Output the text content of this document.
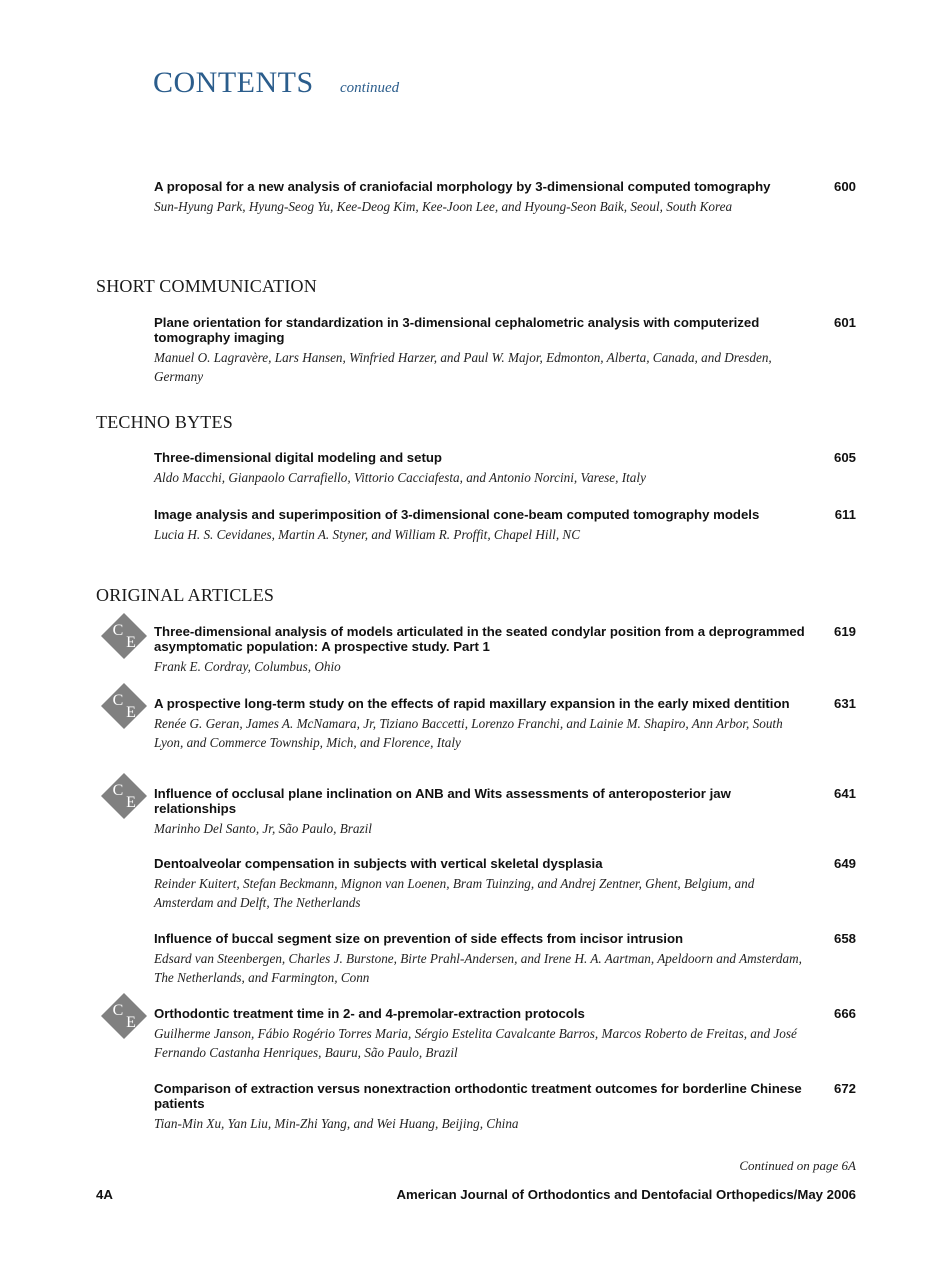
CONTENTS continued
A proposal for a new analysis of craniofacial morphology by 3-dimensional computed tomography
Sun-Hyung Park, Hyung-Seog Yu, Kee-Deog Kim, Kee-Joon Lee, and Hyoung-Seon Baik, Seoul, South Korea
600
SHORT COMMUNICATION
Plane orientation for standardization in 3-dimensional cephalometric analysis with computerized tomography imaging
Manuel O. Lagravère, Lars Hansen, Winfried Harzer, and Paul W. Major, Edmonton, Alberta, Canada, and Dresden, Germany
601
TECHNO BYTES
Three-dimensional digital modeling and setup
Aldo Macchi, Gianpaolo Carrafiello, Vittorio Cacciafesta, and Antonio Norcini, Varese, Italy
605
Image analysis and superimposition of 3-dimensional cone-beam computed tomography models
Lucia H. S. Cevidanes, Martin A. Styner, and William R. Proffit, Chapel Hill, NC
611
ORIGINAL ARTICLES
C
E
Three-dimensional analysis of models articulated in the seated condylar position from a deprogrammed asymptomatic population: A prospective study. Part 1
Frank E. Cordray, Columbus, Ohio
619
C
E
A prospective long-term study on the effects of rapid maxillary expansion in the early mixed dentition
Renée G. Geran, James A. McNamara, Jr, Tiziano Baccetti, Lorenzo Franchi, and Lainie M. Shapiro, Ann Arbor, South Lyon, and Commerce Township, Mich, and Florence, Italy
631
C
E
Influence of occlusal plane inclination on ANB and Wits assessments of anteroposterior jaw relationships
Marinho Del Santo, Jr, São Paulo, Brazil
641
Dentoalveolar compensation in subjects with vertical skeletal dysplasia
Reinder Kuitert, Stefan Beckmann, Mignon van Loenen, Bram Tuinzing, and Andrej Zentner, Ghent, Belgium, and Amsterdam and Delft, The Netherlands
649
Influence of buccal segment size on prevention of side effects from incisor intrusion
Edsard van Steenbergen, Charles J. Burstone, Birte Prahl-Andersen, and Irene H. A. Aartman, Apeldoorn and Amsterdam, The Netherlands, and Farmington, Conn
658
C
E
Orthodontic treatment time in 2- and 4-premolar-extraction protocols
Guilherme Janson, Fábio Rogério Torres Maria, Sérgio Estelita Cavalcante Barros, Marcos Roberto de Freitas, and José Fernando Castanha Henriques, Bauru, São Paulo, Brazil
666
Comparison of extraction versus nonextraction orthodontic treatment outcomes for borderline Chinese patients
Tian-Min Xu, Yan Liu, Min-Zhi Yang, and Wei Huang, Beijing, China
672
Continued on page 6A
4A	American Journal of Orthodontics and Dentofacial Orthopedics/May 2006
